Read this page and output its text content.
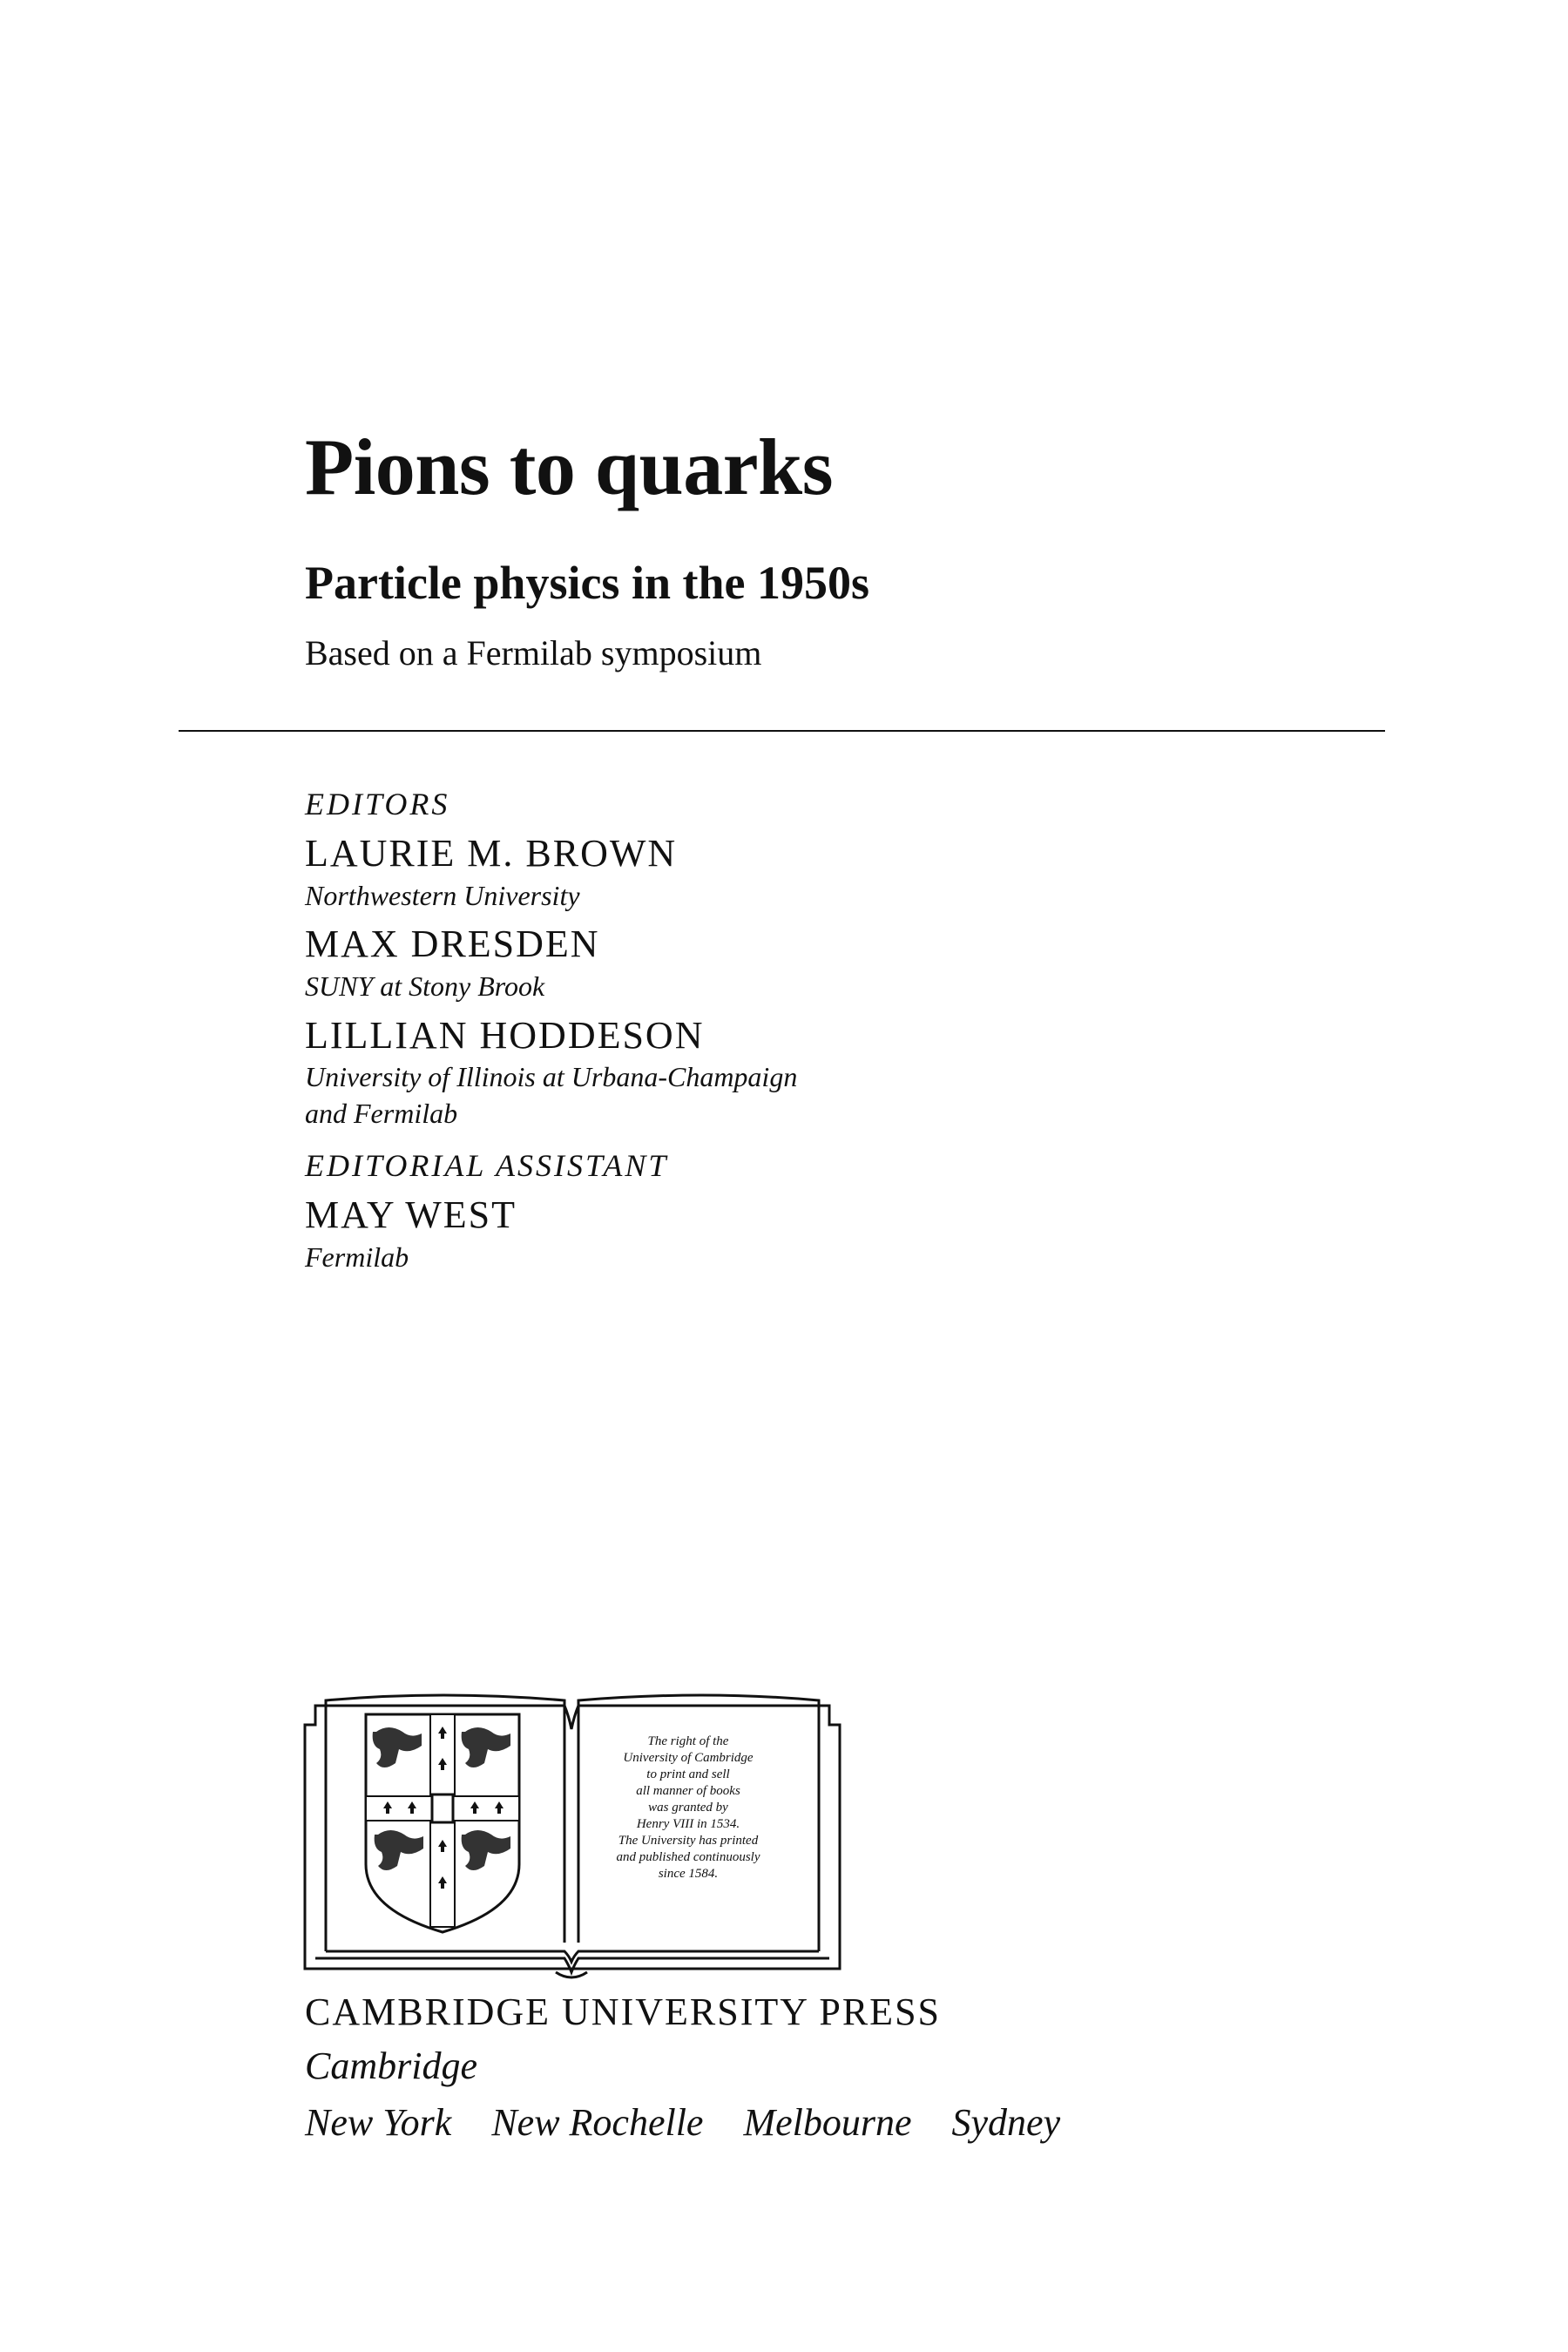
Pions to quarks
Particle physics in the 1950s
Based on a Fermilab symposium
EDITORS
LAURIE M. BROWN
Northwestern University
MAX DRESDEN
SUNY at Stony Brook
LILLIAN HODDESON
University of Illinois at Urbana-Champaign
and Fermilab
EDITORIAL ASSISTANT
MAY WEST
Fermilab
The right of the
University of Cambridge
to print and sell
all manner of books
was granted by
Henry VIII in 1534.
The University has printed
and published continuously
since 1584.
CAMBRIDGE UNIVERSITY PRESS
Cambridge
New York New Rochelle Melbourne Sydney
